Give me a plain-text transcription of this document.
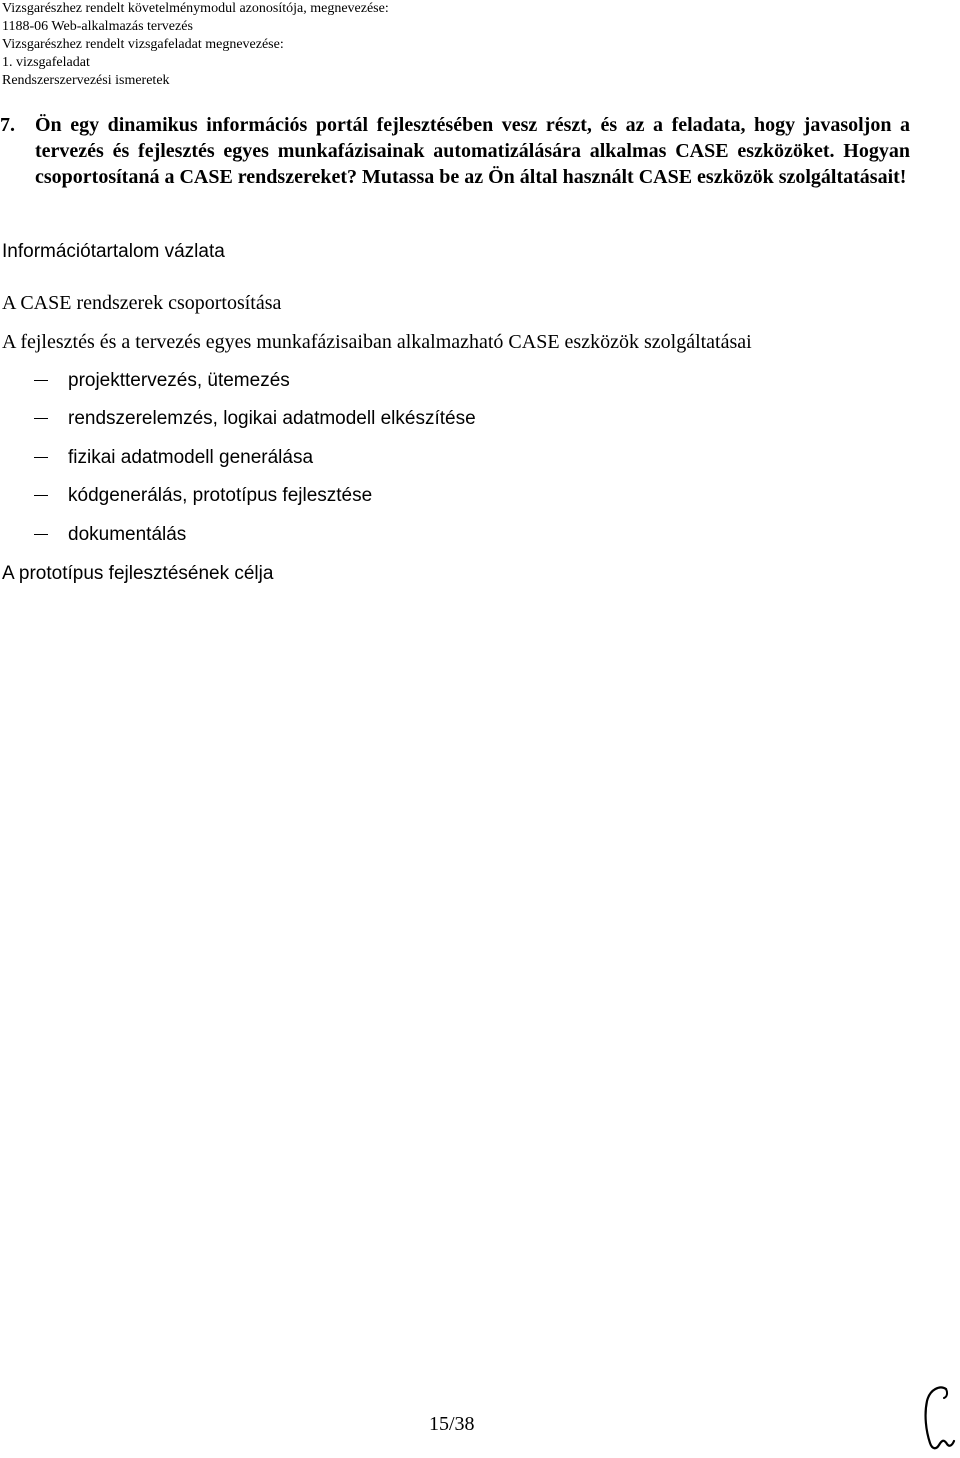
Vizsgarészhez rendelt követelménymodul azonosítója, megnevezése:
1188-06 Web-alkalmazás tervezés
Vizsgarészhez rendelt vizsgafeladat megnevezése:
1. vizsgafeladat
Rendszerszervezési ismeretek
7. Ön egy dinamikus információs portál fejlesztésében vesz részt, és az a feladata, hogy javasoljon a tervezés és fejlesztés egyes munkafázisainak automatizálására alkalmas CASE eszközöket. Hogyan csoportosítaná a CASE rendszereket? Mutassa be az Ön által használt CASE eszközök szolgáltatásait!
Információtartalom vázlata
A CASE rendszerek csoportosítása
A fejlesztés és a tervezés egyes munkafázisaiban alkalmazható CASE eszközök szolgáltatásai
projekttervezés, ütemezés
rendszerelemzés, logikai adatmodell elkészítése
fizikai adatmodell generálása
kódgenerálás, prototípus fejlesztése
dokumentálás
A prototípus fejlesztésének célja
15/38
